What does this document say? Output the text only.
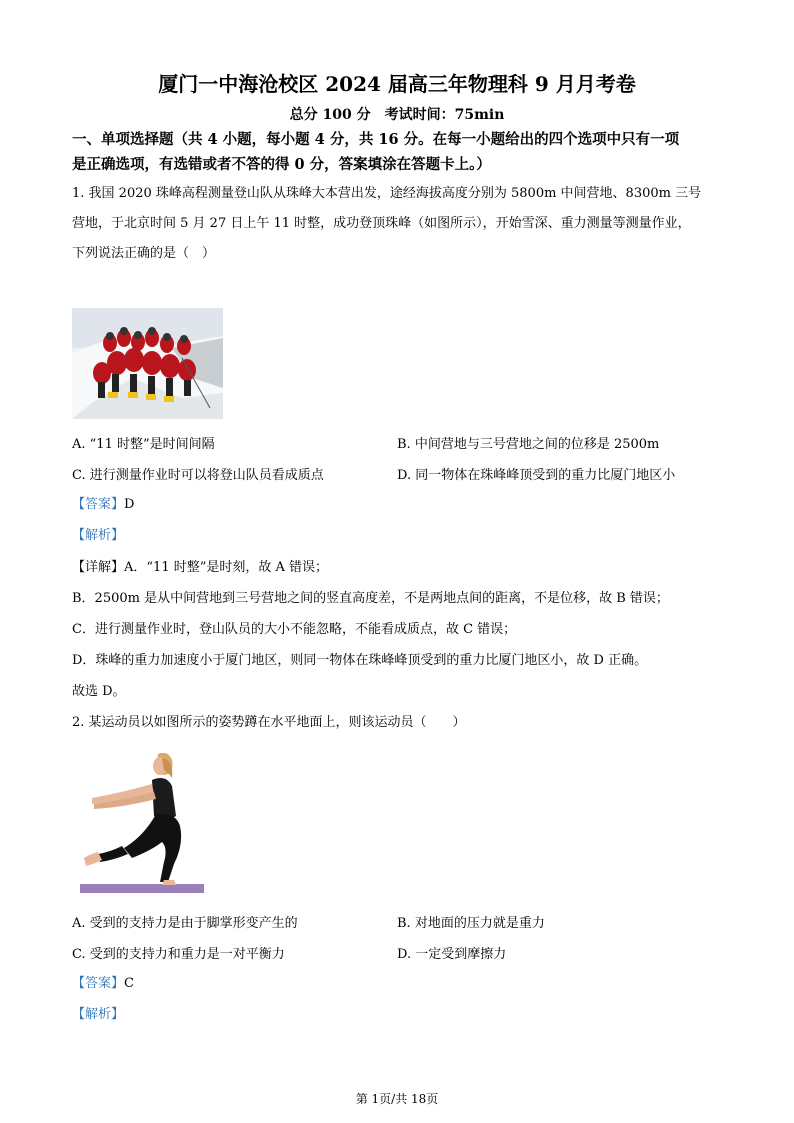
厦门一中海沧校区 2024 届高三年物理科 9 月月考卷
总分 100 分　考试时间：75min
一、单项选择题（共 4 小题，每小题 4 分，共 16 分。在每一小题给出的四个选项中只有一项
是正确选项，有选错或者不答的得 0 分，答案填涂在答题卡上。）
1. 我国 2020 珠峰高程测量登山队从珠峰大本营出发，途经海拔高度分别为 5800m 中间营地、8300m 三号
营地，于北京时间 5 月 27 日上午 11 时整，成功登顶珠峰（如图所示），开始雪深、重力测量等测量作业，
下列说法正确的是（　）
A. “11 时整”是时间间隔	B. 中间营地与三号营地之间的位移是 2500m
C. 进行测量作业时可以将登山队员看成质点	D. 同一物体在珠峰峰顶受到的重力比厦门地区小
【答案】D
【解析】
【详解】A．“11 时整”是时刻，故 A 错误；
B．2500m 是从中间营地到三号营地之间的竖直高度差，不是两地点间的距离，不是位移，故 B 错误；
C．进行测量作业时，登山队员的大小不能忽略，不能看成质点，故 C 错误；
D．珠峰的重力加速度小于厦门地区，则同一物体在珠峰峰顶受到的重力比厦门地区小，故 D 正确。
故选 D。
2. 某运动员以如图所示的姿势蹲在水平地面上，则该运动员（　　）
A. 受到的支持力是由于脚掌形变产生的	B. 对地面的压力就是重力
C. 受到的支持力和重力是一对平衡力	D. 一定受到摩擦力
【答案】C
【解析】
第 1页/共 18页
